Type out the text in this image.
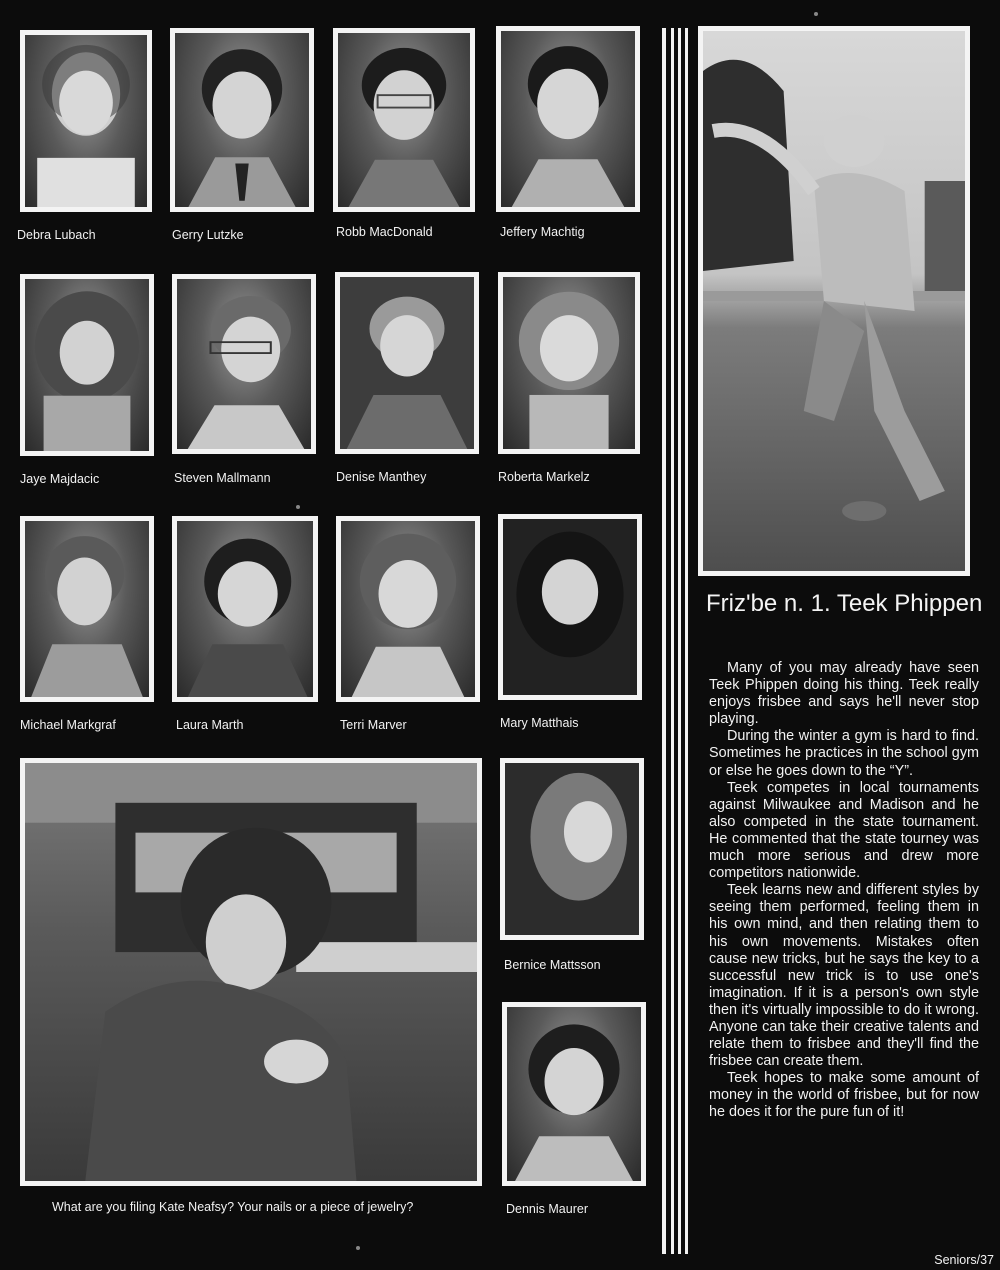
Debra Lubach	Gerry Lutzke	Robb MacDonald	Jeffery Machtig
Jaye Majdacic	Steven Mallmann	Denise Manthey	Roberta Markelz
Michael Markgraf	Laura Marth	Terri Marver	Mary Matthais
What are you filing Kate Neafsy? Your nails or a piece of jewelry?
Bernice Mattsson
Dennis Maurer
Friz'be n. 1. Teek Phippen

Many of you may already have seen Teek Phippen doing his thing. Teek really enjoys frisbee and says he'll never stop playing.

During the winter a gym is hard to find. Sometimes he practices in the school gym or else he goes down to the “Y”.

Teek competes in local tournaments against Milwaukee and Madison and he also competed in the state tournament. He commented that the state tourney was much more serious and drew more competitors nationwide.

Teek learns new and different styles by seeing them performed, feeling them in his own mind, and then relating them to his own movements. Mistakes often cause new tricks, but he says the key to a successful new trick is to use one's imagination. If it is a person's own style then it's virtually impossible to do it wrong. Anyone can take their creative talents and relate them to frisbee and they'll find the frisbee can create them.

Teek hopes to make some amount of money in the world of frisbee, but for now he does it for the pure fun of it!

Seniors/37
